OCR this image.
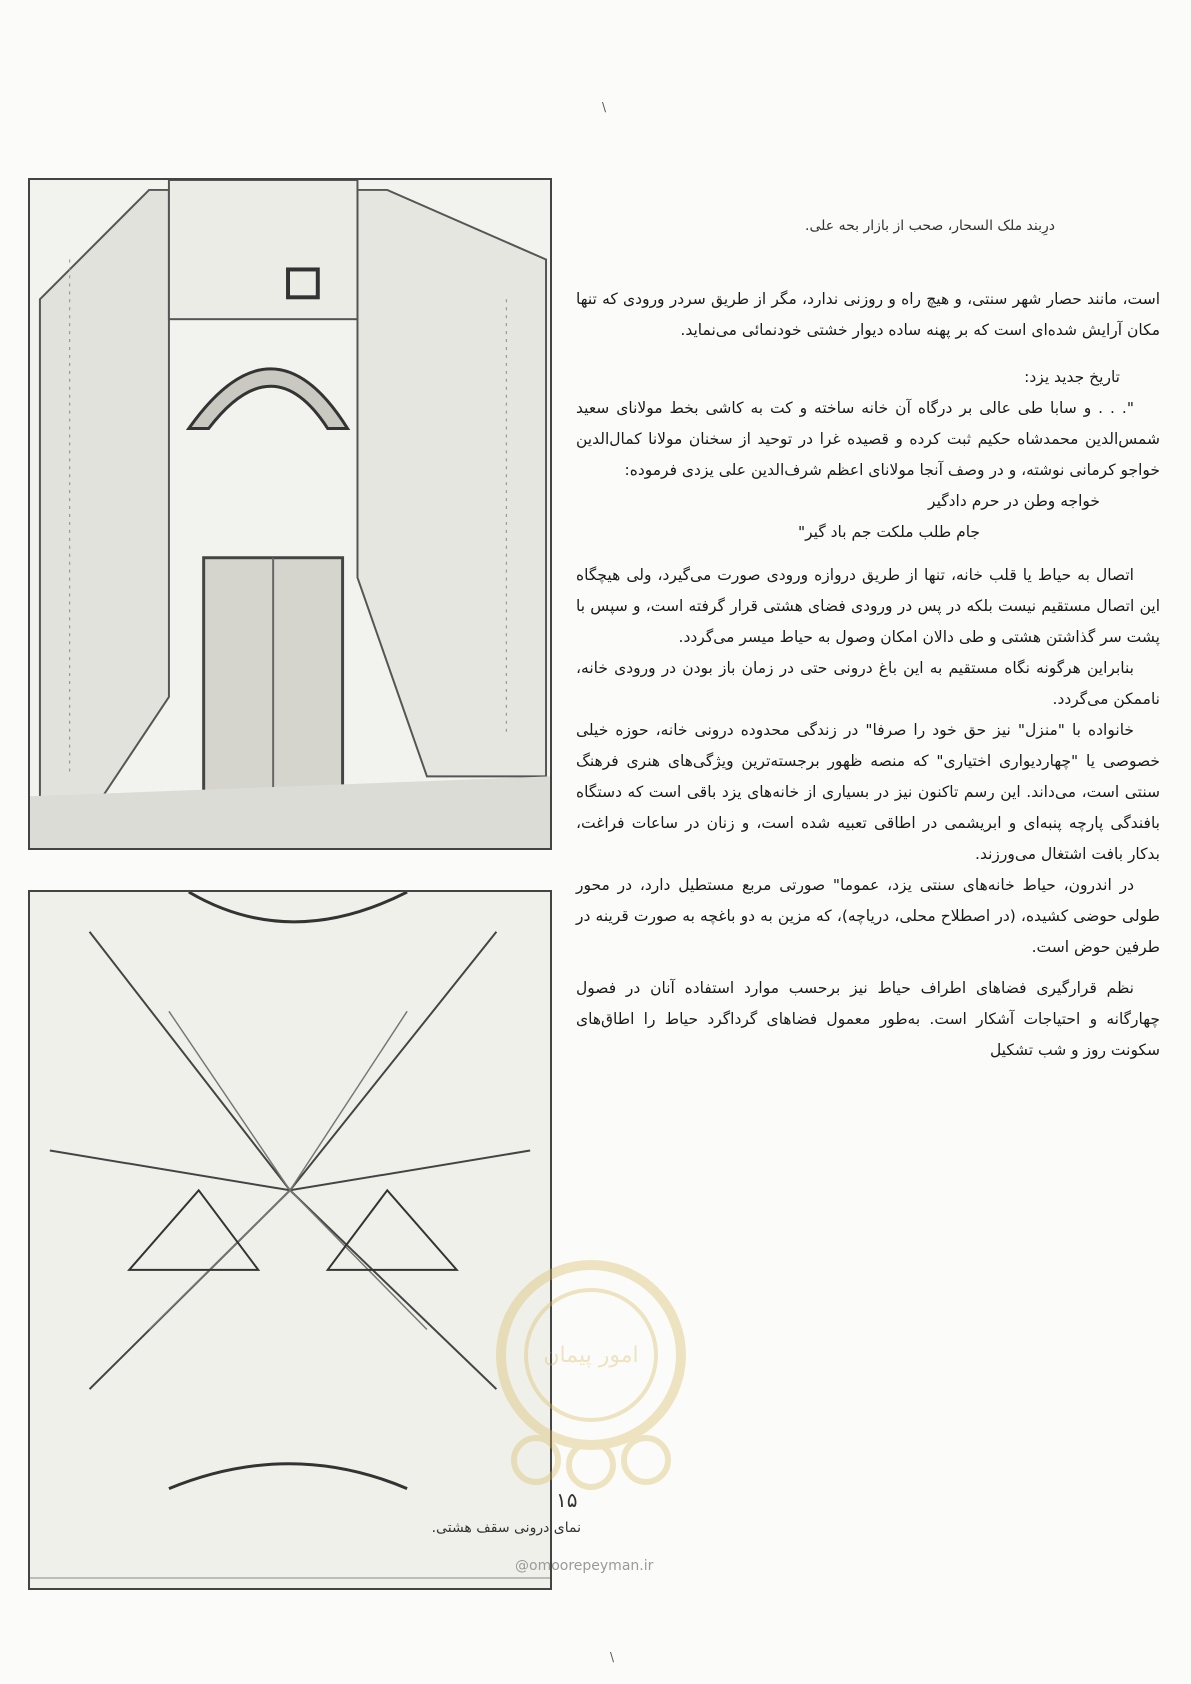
\
\
درِبند ملک السحار، صحب از بازار بحه علی.

است، مانند حصار شهر سنتی، و هیچ راه و روزنی ندارد، مگر از طریق سردر ورودی که تنها مکان آرایش شده‌ای است که بر پهنه ساده دیوار خشتی خودنمائی می‌نماید.

تاریخ جدید یزد:

". . . و سابا طی عالی بر درگاه آن خانه ساخته و کت به کاشی بخط مولانای سعید شمس‌الدین محمدشاه حکیم ثبت کرده و قصیده غرا در توحید از سخنان مولانا کمال‌الدین خواجو کرمانی نوشته، و در وصف آنجا مولانای اعظم شرف‌الدین علی یزدی فرموده:

خواجه وطن در حرم دادگیر

جام طلب ملکت جم باد گیر"

اتصال به حیاط یا قلب خانه، تنها از طریق دروازه ورودی صورت می‌گیرد، ولی هیچگاه این اتصال مستقیم نیست بلکه در پس در ورودی فضای هشتی قرار گرفته است، و سپس با پشت سر گذاشتن هشتی و طی دالان امکان وصول به حیاط میسر می‌گردد.

بنابراین هرگونه نگاه مستقیم به این باغ درونی حتی در زمان باز بودن در ورودی خانه، ناممکن می‌گردد.

خانواده با "منزل" نیز حق خود را صرفا" در زندگی محدوده درونی خانه، حوزه خیلی خصوصی یا "چهاردیواری اختیاری" که منصه ظهور برجسته‌ترین ویژگی‌های هنری فرهنگ سنتی است، می‌داند. این رسم تاکنون نیز در بسیاری از خانه‌های یزد باقی است که دستگاه بافندگی پارچه پنبه‌ای و ابریشمی در اطاقی تعبیه شده است، و زنان در ساعات فراغت، بدکار بافت اشتغال می‌ورزند.

در اندرون، حیاط خانه‌های سنتی یزد، عموما" صورتی مربع مستطیل دارد، در محور طولی حوضی کشیده، (در اصطلاح محلی، دریاچه)، که مزین به دو باغچه به صورت قرینه در طرفین حوض است.

نظم قرارگیری فضاهای اطراف حیاط نیز برحسب موارد استفاده آنان در فصول چهارگانه و احتیاجات آشکار است. به‌طور معمول فضاهای گرداگرد حیاط را اطاق‌های سکونت روز و شب تشکیل

امور پیمان
۱۵
نمای درونی سقف هشتی.
@omoorepeyman.ir
